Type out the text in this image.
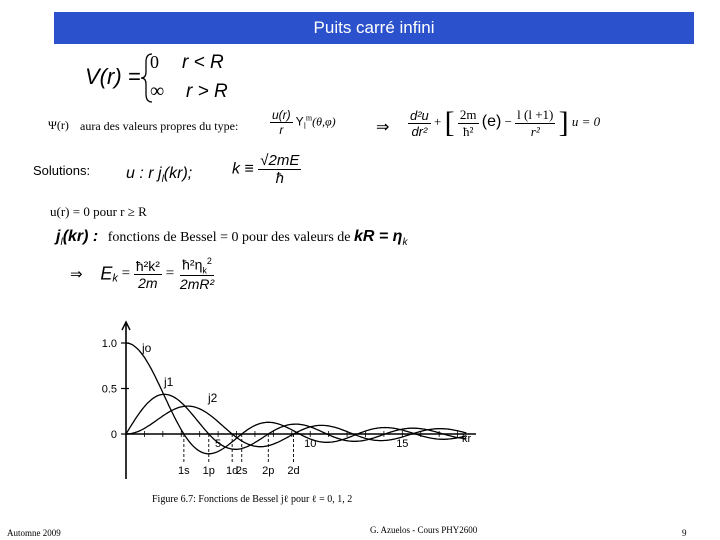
Puits carré infini
V(r) =
0 r < R
∞ r > R
Ψ(r) aura des valeurs propres du type:	$\frac{u(r)}{r} Y_l^m(\theta,\varphi)$	⇒ $\frac{\text{d²u}}{\text{dr²}}$ + [ $\frac{2m}{\text{ħ²}} (e) - \frac{l (l +1)}{\text{r²}}$ ] u = 0
Solutions: u : r $j_l(kr)$; $k \equiv \frac{√2mE}{ħ}$
u(r) = 0 pour r ≥ R
$j_l(kr)$ : fonctions de Bessel = 0 pour des valeurs de kR = $\eta_k$
⇒ $E_k = \frac{\text{ħ²k²}}{2m} = \frac{ħ^2\eta_k^2}{\text{2mR²}}$
1.0
0.5
0
5	10	15	kr
jo
j1
j2
1s 1p 1d
2s 2p 2d
Figure 6.7: Fonctions de Bessel jℓ pour ℓ = 0, 1, 2
Automne 2009	G. Azuelos - Cours PHY2600	9
